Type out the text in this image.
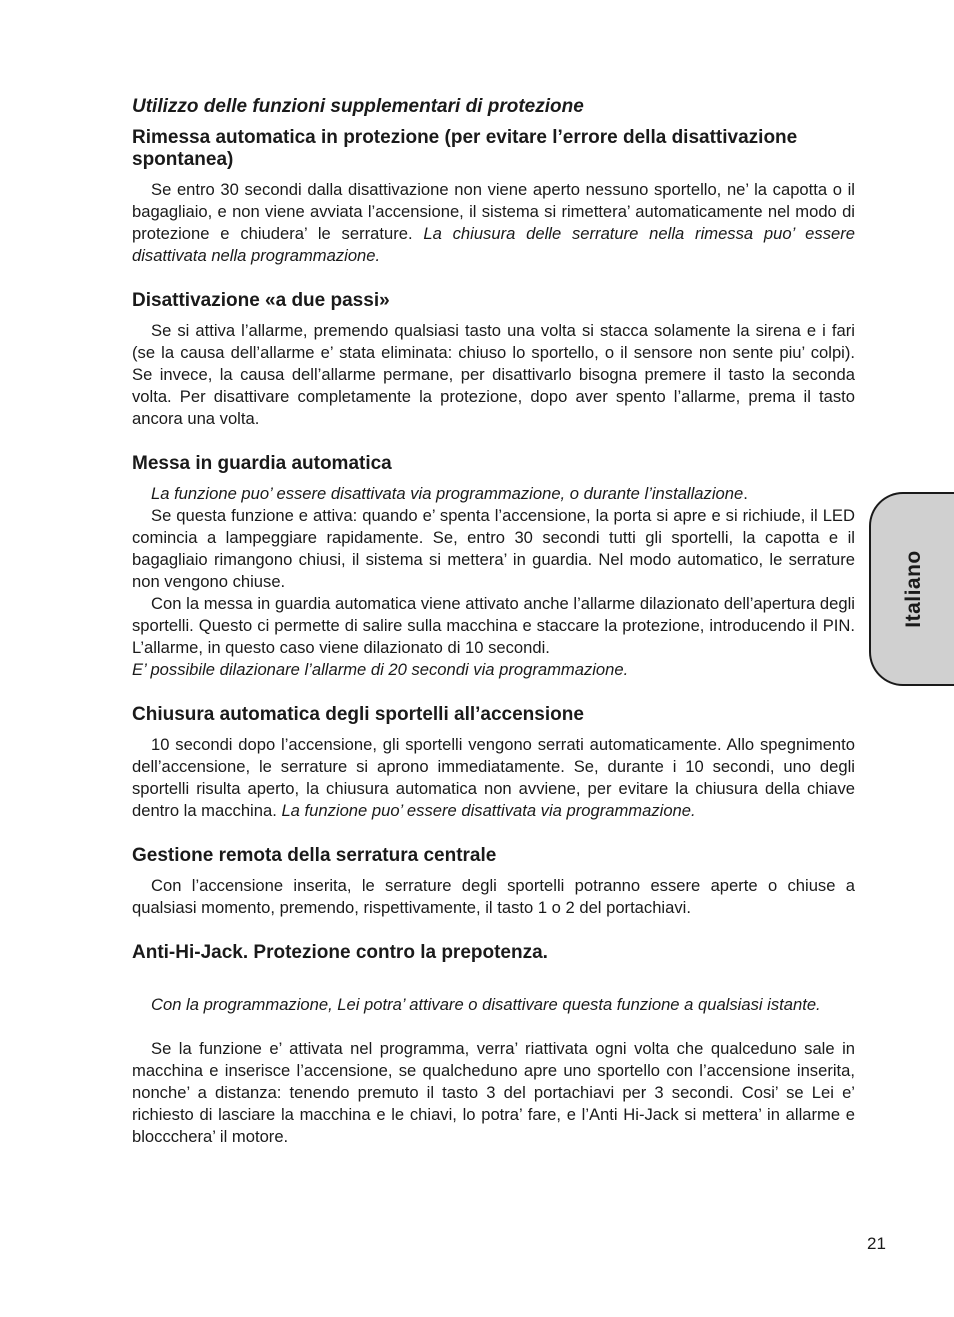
Utilizzo delle funzioni supplementari di protezione
Rimessa automatica in protezione (per evitare l’errore della disattivazione spontanea)

Se entro 30 secondi dalla disattivazione non viene aperto nessuno sportello, ne’ la capotta o il bagagliaio, e non viene avviata l’accensione, il sistema si rimettera’ automaticamente nel modo di protezione e chiudera’ le serrature. La chiusura delle serrature nella rimessa puo’ essere disattivata nella programmazione.

Disattivazione «a due passi»

Se si attiva l’allarme, premendo qualsiasi tasto una volta si stacca solamente la sirena e i fari (se la causa dell’allarme e’ stata eliminata: chiuso lo sportello, o il sensore non sente piu’ colpi). Se invece, la causa dell’allarme permane, per disattivarlo bisogna premere il tasto la seconda volta. Per disattivare completamente la protezione, dopo aver spento l’allarme, prema il tasto ancora una volta.

Messa in guardia automatica

La funzione puo’ essere disattivata via programmazione, o durante l’installazione.

Se questa funzione e attiva: quando e’ spenta l’accensione, la porta si apre e si richiude, il LED comincia a lampeggiare rapidamente. Se, entro 30 secondi tutti gli sportelli, la capotta e il bagagliaio rimangono chiusi, il sistema si mettera’ in guardia. Nel modo automatico, le serrature non vengono chiuse.

Con la messa in guardia automatica viene attivato anche l’allarme dilazionato dell’apertura degli sportelli. Questo ci permette di salire sulla macchina e staccare la protezione, introducendo il PIN. L’allarme, in questo caso viene dilazionato di 10 secondi.
E’ possibile dilazionare l’allarme di 20 secondi via programmazione.

Chiusura automatica degli sportelli all’accensione

10 secondi dopo l’accensione, gli sportelli vengono serrati automaticamente. Allo spegnimento dell’accensione, le serrature si aprono immediatamente. Se, durante i 10 secondi, uno degli sportelli risulta aperto, la chiusura automatica non avviene, per evitare la chiusura della chiave dentro la macchina. La funzione puo’ essere disattivata via programmazione.

Gestione remota della serratura centrale

Con l’accensione inserita, le serrature degli sportelli potranno essere aperte o chiuse a qualsiasi momento, premendo, rispettivamente, il tasto 1 o 2 del portachiavi.

Anti-Hi-Jack. Protezione contro la prepotenza.

Con la programmazione, Lei potra’ attivare o disattivare questa funzione a qualsiasi istante.

Se la funzione e’ attivata nel programma, verra’ riattivata ogni volta che qualceduno sale in macchina e inserisce l’accensione, se qualcheduno apre uno sportello con l’accensione inserita, nonche’ a distanza: tenendo premuto il tasto 3 del portachiavi per 3 secondi. Cosi’ se Lei e’ richiesto di lasciare la macchina e le chiavi, lo potra’ fare, e l’Anti Hi-Jack si mettera’ in allarme e bloccchera’ il motore.

Italiano
21
